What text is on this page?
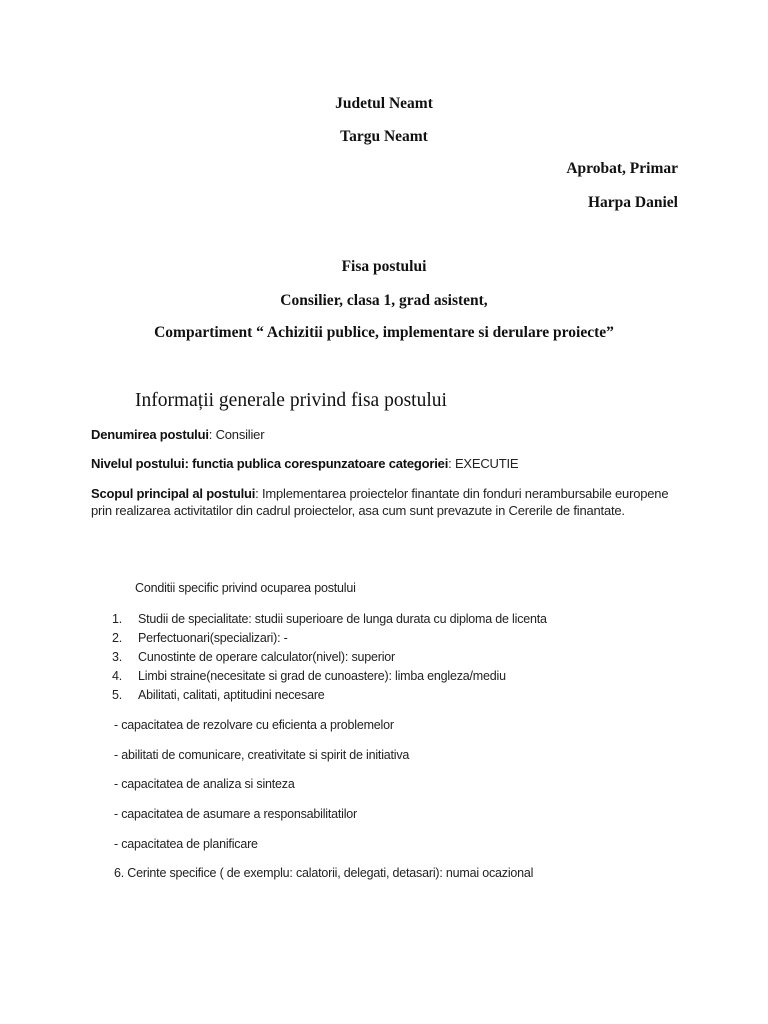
Judetul Neamt
Targu Neamt
Aprobat, Primar
Harpa Daniel
Fisa postului
Consilier, clasa 1, grad asistent,
Compartiment “ Achizitii publice, implementare si derulare proiecte”
Informații generale privind fisa postului
Denumirea postului: Consilier
Nivelul postului: functia publica corespunzatoare categoriei: EXECUTIE
Scopul principal al postului: Implementarea proiectelor finantate din fonduri nerambursabile europene prin realizarea activitatilor din cadrul proiectelor, asa cum sunt prevazute in Cererile de finantate.
Conditii specific privind ocuparea postului
1. Studii de specialitate: studii superioare de lunga durata cu diploma de licenta
2. Perfectuonari(specializari): -
3. Cunostinte de operare calculator(nivel): superior
4. Limbi straine(necesitate si grad de cunoastere): limba engleza/mediu
5. Abilitati, calitati, aptitudini necesare
- capacitatea de rezolvare cu eficienta a problemelor
- abilitati de comunicare, creativitate si spirit de initiativa
- capacitatea de analiza si sinteza
- capacitatea de asumare a responsabilitatilor
- capacitatea de planificare
6. Cerinte specifice ( de exemplu: calatorii, delegati, detasari): numai ocazional
